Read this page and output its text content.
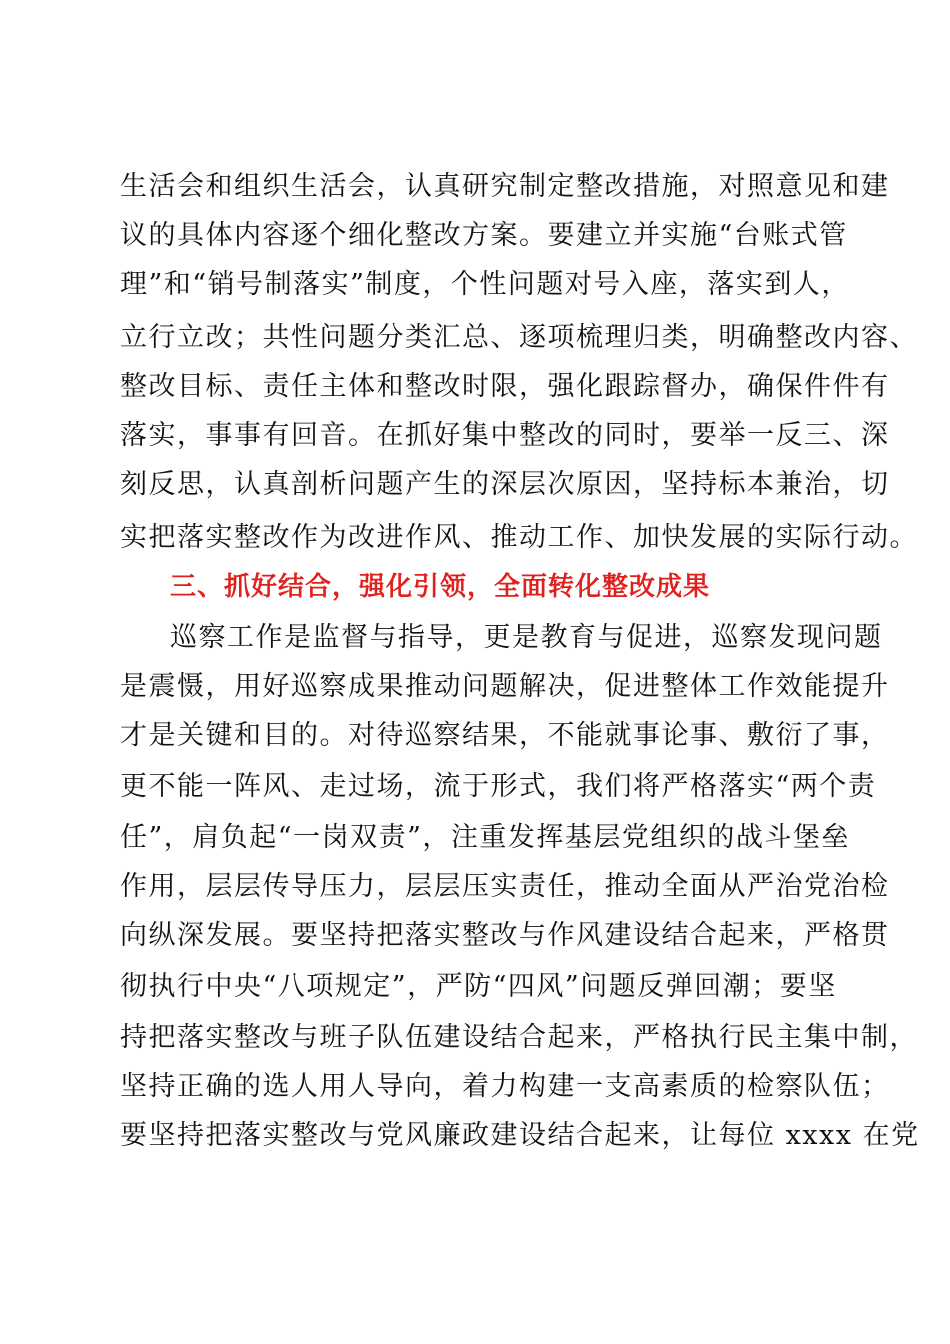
生活会和组织生活会，认真研究制定整改措施，对照意见和建
议的具体内容逐个细化整改方案。要建立并实施“台账式管
理”和“销号制落实”制度，个性问题对号入座，落实到人，
立行立改；共性问题分类汇总、逐项梳理归类，明确整改内容、
整改目标、责任主体和整改时限，强化跟踪督办，确保件件有
落实，事事有回音。在抓好集中整改的同时，要举一反三、深
刻反思，认真剖析问题产生的深层次原因，坚持标本兼治，切
实把落实整改作为改进作风、推动工作、加快发展的实际行动。
三、抓好结合，强化引领，全面转化整改成果
巡察工作是监督与指导，更是教育与促进，巡察发现问题
是震慑，用好巡察成果推动问题解决，促进整体工作效能提升
才是关键和目的。对待巡察结果，不能就事论事、敷衍了事，
更不能一阵风、走过场，流于形式，我们将严格落实“两个责
任”，肩负起“一岗双责”，注重发挥基层党组织的战斗堡垒
作用，层层传导压力，层层压实责任，推动全面从严治党治检
向纵深发展。要坚持把落实整改与作风建设结合起来，严格贯
彻执行中央“八项规定”，严防“四风”问题反弹回潮；要坚
持把落实整改与班子队伍建设结合起来，严格执行民主集中制，
坚持正确的选人用人导向，着力构建一支高素质的检察队伍；
要坚持把落实整改与党风廉政建设结合起来，让每位 xxxx 在党
